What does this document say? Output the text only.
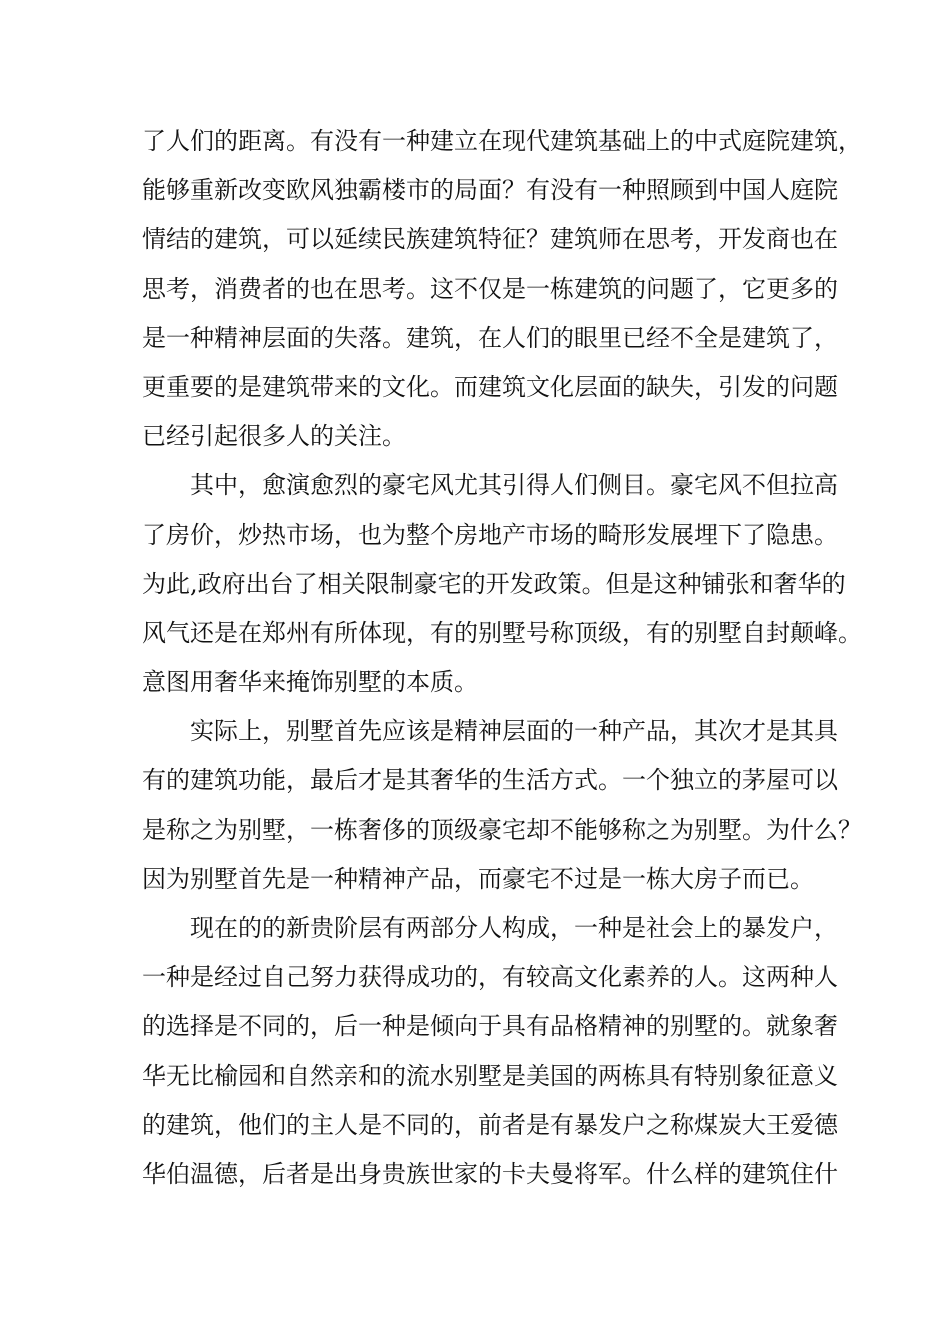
了人们的距离。有没有一种建立在现代建筑基础上的中式庭院建筑，
能够重新改变欧风独霸楼市的局面？有没有一种照顾到中国人庭院
情结的建筑，可以延续民族建筑特征？建筑师在思考，开发商也在
思考，消费者的也在思考。这不仅是一栋建筑的问题了，它更多的
是一种精神层面的失落。建筑，在人们的眼里已经不全是建筑了，
更重要的是建筑带来的文化。而建筑文化层面的缺失，引发的问题
已经引起很多人的关注。

其中，愈演愈烈的豪宅风尤其引得人们侧目。豪宅风不但拉高
了房价，炒热市场，也为整个房地产市场的畸形发展埋下了隐患。
为此,政府出台了相关限制豪宅的开发政策。但是这种铺张和奢华的
风气还是在郑州有所体现，有的别墅号称顶级，有的别墅自封颠峰。
意图用奢华来掩饰别墅的本质。

实际上，别墅首先应该是精神层面的一种产品，其次才是其具
有的建筑功能，最后才是其奢华的生活方式。一个独立的茅屋可以
是称之为别墅，一栋奢侈的顶级豪宅却不能够称之为别墅。为什么？
因为别墅首先是一种精神产品，而豪宅不过是一栋大房子而已。

现在的的新贵阶层有两部分人构成，一种是社会上的暴发户，
一种是经过自己努力获得成功的，有较高文化素养的人。这两种人
的选择是不同的，后一种是倾向于具有品格精神的别墅的。就象奢
华无比榆园和自然亲和的流水别墅是美国的两栋具有特别象征意义
的建筑，他们的主人是不同的，前者是有暴发户之称煤炭大王爱德
华伯温德，后者是出身贵族世家的卡夫曼将军。什么样的建筑住什
